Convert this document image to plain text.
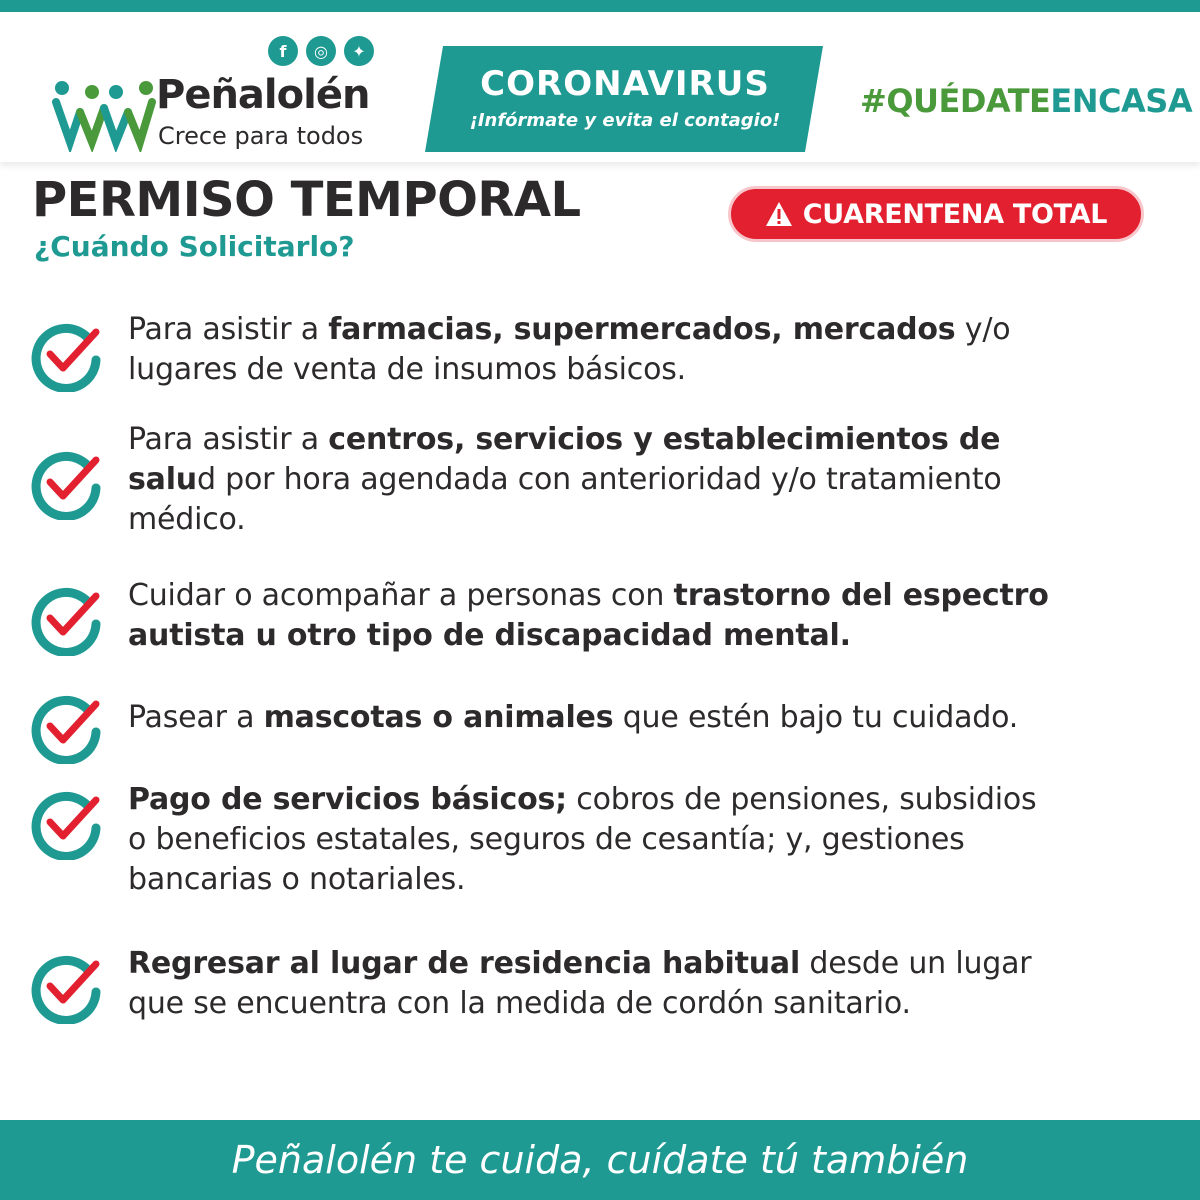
f	◎	✦
Peñalolén
Crece para todos
CORONAVIRUS
¡Infórmate y evita el contagio!
#QUÉDATEENCASA
PERMISO TEMPORAL
¿Cuándo Solicitarlo?
CUARENTENA TOTAL
Para asistir a farmacias, supermercados, mercados y/o
lugares de venta de insumos básicos.
Para asistir a centros, servicios y establecimientos de
salud por hora agendada con anterioridad y/o tratamiento
médico.
Cuidar o acompañar a personas con trastorno del espectro
autista u otro tipo de discapacidad mental.
Pasear a mascotas o animales que estén bajo tu cuidado.
Pago de servicios básicos; cobros de pensiones, subsidios
o beneficios estatales, seguros de cesantía; y, gestiones
bancarias o notariales.
Regresar al lugar de residencia habitual desde un lugar
que se encuentra con la medida de cordón sanitario.
Peñalolén te cuida, cuídate tú también
